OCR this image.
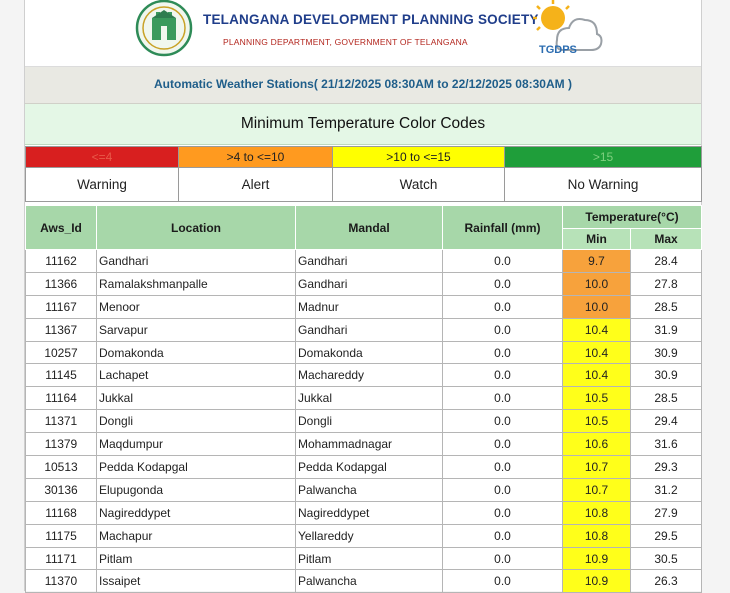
TELANGANA DEVELOPMENT PLANNING SOCIETY
PLANNING DEPARTMENT, GOVERNMENT OF TELANGANA
TGDPS
Automatic Weather Stations( 21/12/2025 08:30AM to 22/12/2025 08:30AM )
Minimum Temperature Color Codes
<=4	>4 to <=10	>10 to <=15	>15
Warning	Alert	Watch	No Warning
Aws_Id	Location	Mandal	Rainfall (mm)	Temperature(°C)	
				Min	Max
11162	Gandhari	Gandhari	0.0	9.7	28.4
11366	Ramalakshmanpalle	Gandhari	0.0	10.0	27.8
11167	Menoor	Madnur	0.0	10.0	28.5
11367	Sarvapur	Gandhari	0.0	10.4	31.9
10257	Domakonda	Domakonda	0.0	10.4	30.9
11145	Lachapet	Machareddy	0.0	10.4	30.9
11164	Jukkal	Jukkal	0.0	10.5	28.5
11371	Dongli	Dongli	0.0	10.5	29.4
11379	Maqdumpur	Mohammadnagar	0.0	10.6	31.6
10513	Pedda Kodapgal	Pedda Kodapgal	0.0	10.7	29.3
30136	Elupugonda	Palwancha	0.0	10.7	31.2
11168	Nagireddypet	Nagireddypet	0.0	10.8	27.9
11175	Machapur	Yellareddy	0.0	10.8	29.5
11171	Pitlam	Pitlam	0.0	10.9	30.5
11370	Issaipet	Palwancha	0.0	10.9	26.3
